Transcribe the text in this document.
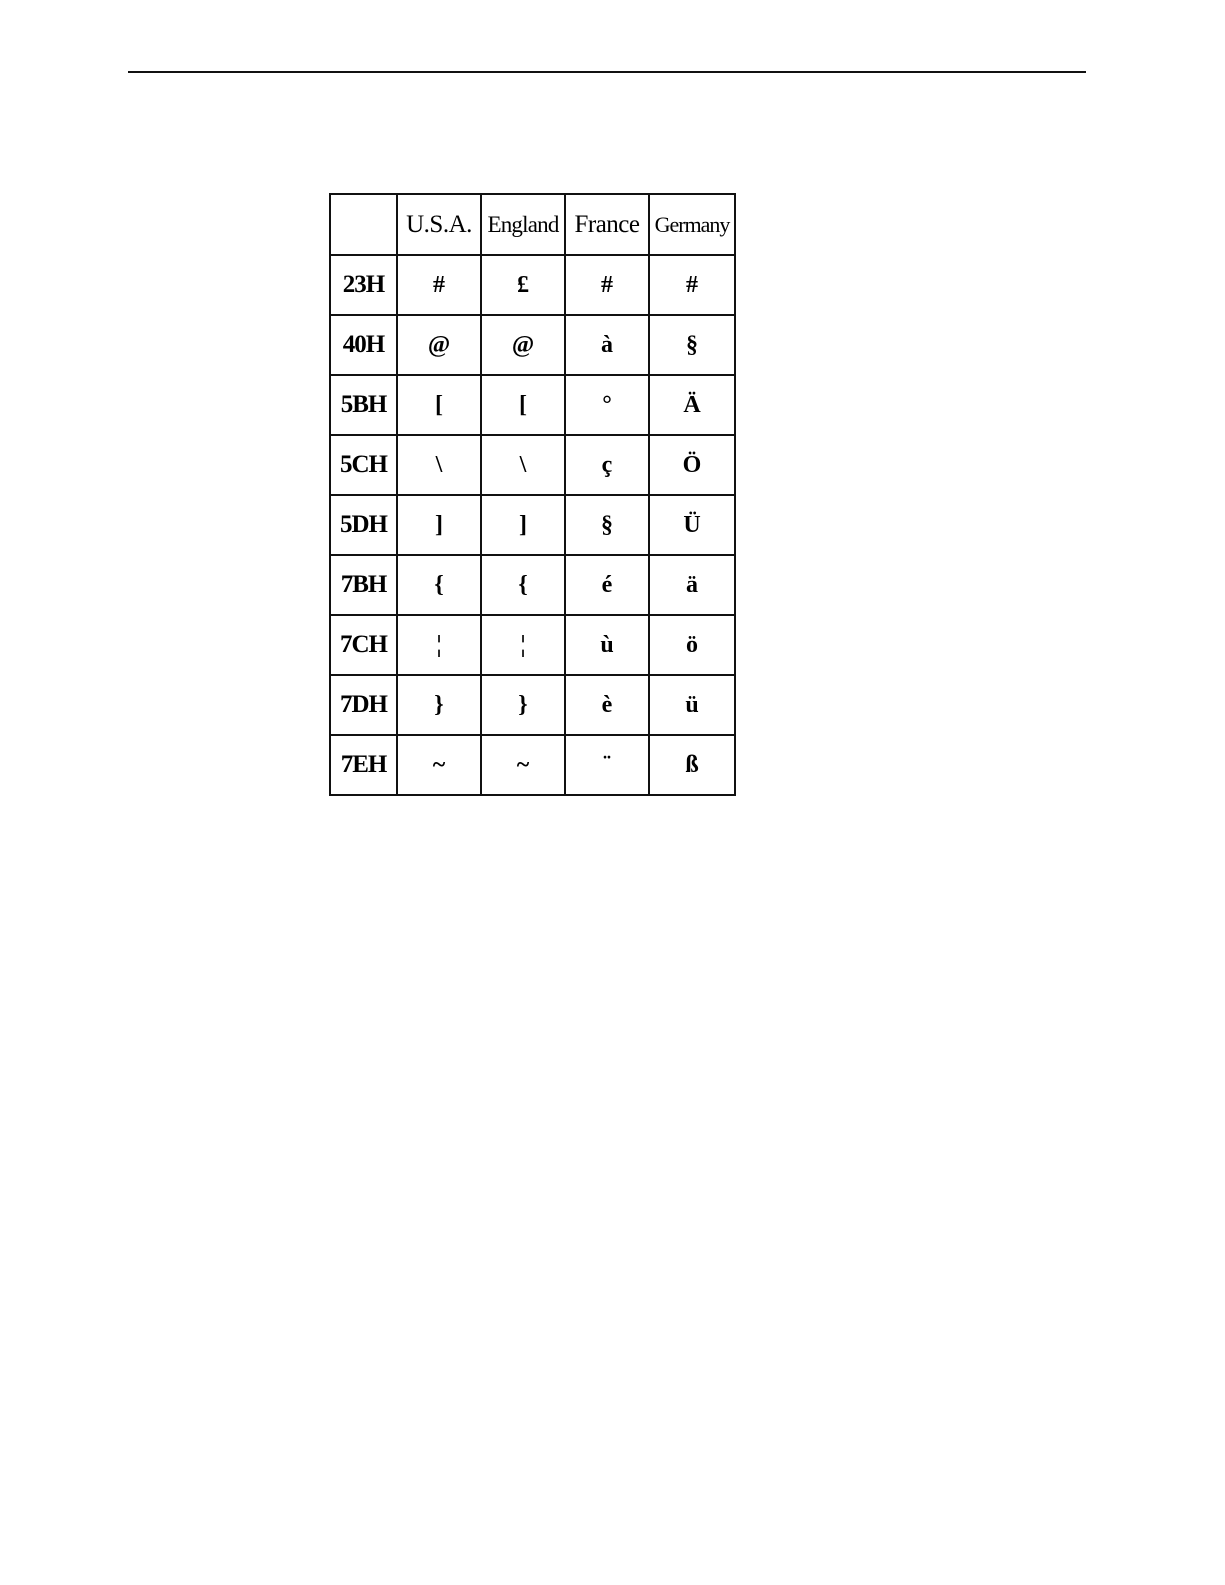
	U.S.A.	England	France	Germany
23H	#	£	#	#
40H	@	@	à	§
5BH	[	[	°	Ä
5CH	\	\	ç	Ö
5DH	]	]	§	Ü
7BH	{	{	é	ä
7CH	¦	¦	ù	ö
7DH	}	}	è	ü
7EH	~	~	¨	ß
